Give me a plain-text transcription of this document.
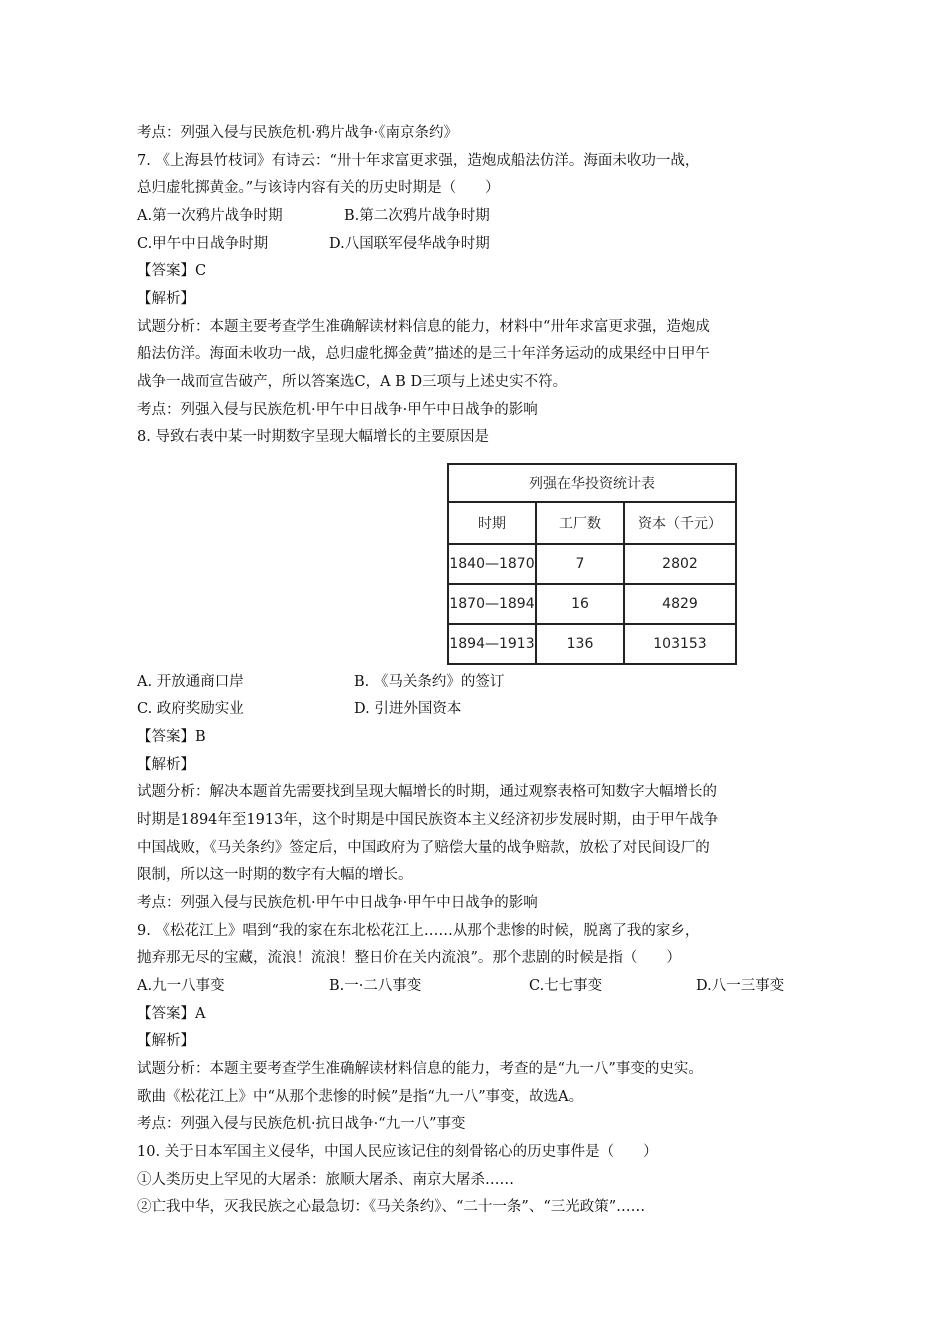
考点：列强入侵与民族危机·鸦片战争·《南京条约》
7. 《上海县竹枝词》有诗云：“卅十年求富更求强，造炮成船法仿洋。海面未收功一战，
总归虚牝掷黄金。”与该诗内容有关的历史时期是（　　）
A.第一次鸦片战争时期	B.第二次鸦片战争时期
C.甲午中日战争时期	D.八国联军侵华战争时期
【答案】C
【解析】
试题分析：本题主要考查学生准确解读材料信息的能力，材料中“卅年求富更求强，造炮成
船法仿洋。海面未收功一战，总归虚牝掷金黄”描述的是三十年洋务运动的成果经中日甲午
战争一战而宣告破产，所以答案选C，A B D三项与上述史实不符。
考点：列强入侵与民族危机·甲午中日战争·甲午中日战争的影响
8. 导致右表中某一时期数字呈现大幅增长的主要原因是
列强在华投资统计表		
时期	工厂数	资本（千元）
1840—1870	7	2802
1870—1894	16	4829
1894—1913	136	103153
A. 开放通商口岸	B. 《马关条约》的签订
C. 政府奖励实业	D. 引进外国资本
【答案】B
【解析】
试题分析：解决本题首先需要找到呈现大幅增长的时期，通过观察表格可知数字大幅增长的
时期是1894年至1913年，这个时期是中国民族资本主义经济初步发展时期，由于甲午战争
中国战败，《马关条约》签定后，中国政府为了赔偿大量的战争赔款，放松了对民间设厂的
限制，所以这一时期的数字有大幅的增长。
考点：列强入侵与民族危机·甲午中日战争·甲午中日战争的影响
9. 《松花江上》唱到“我的家在东北松花江上……从那个悲惨的时候，脱离了我的家乡，
抛弃那无尽的宝藏，流浪！流浪！整日价在关内流浪”。那个悲剧的时候是指（　　）
A.九一八事变	B.一·二八事变	C.七七事变	D.八一三事变
【答案】A
【解析】
试题分析：本题主要考查学生准确解读材料信息的能力，考查的是“九一八”事变的史实。
歌曲《松花江上》中“从那个悲惨的时候”是指“九一八”事变，故选A。
考点：列强入侵与民族危机·抗日战争·“九一八”事变
10. 关于日本军国主义侵华，中国人民应该记住的刻骨铭心的历史事件是（　　）
①人类历史上罕见的大屠杀：旅顺大屠杀、南京大屠杀……
②亡我中华，灭我民族之心最急切：《马关条约》、“二十一条”、“三光政策”……
